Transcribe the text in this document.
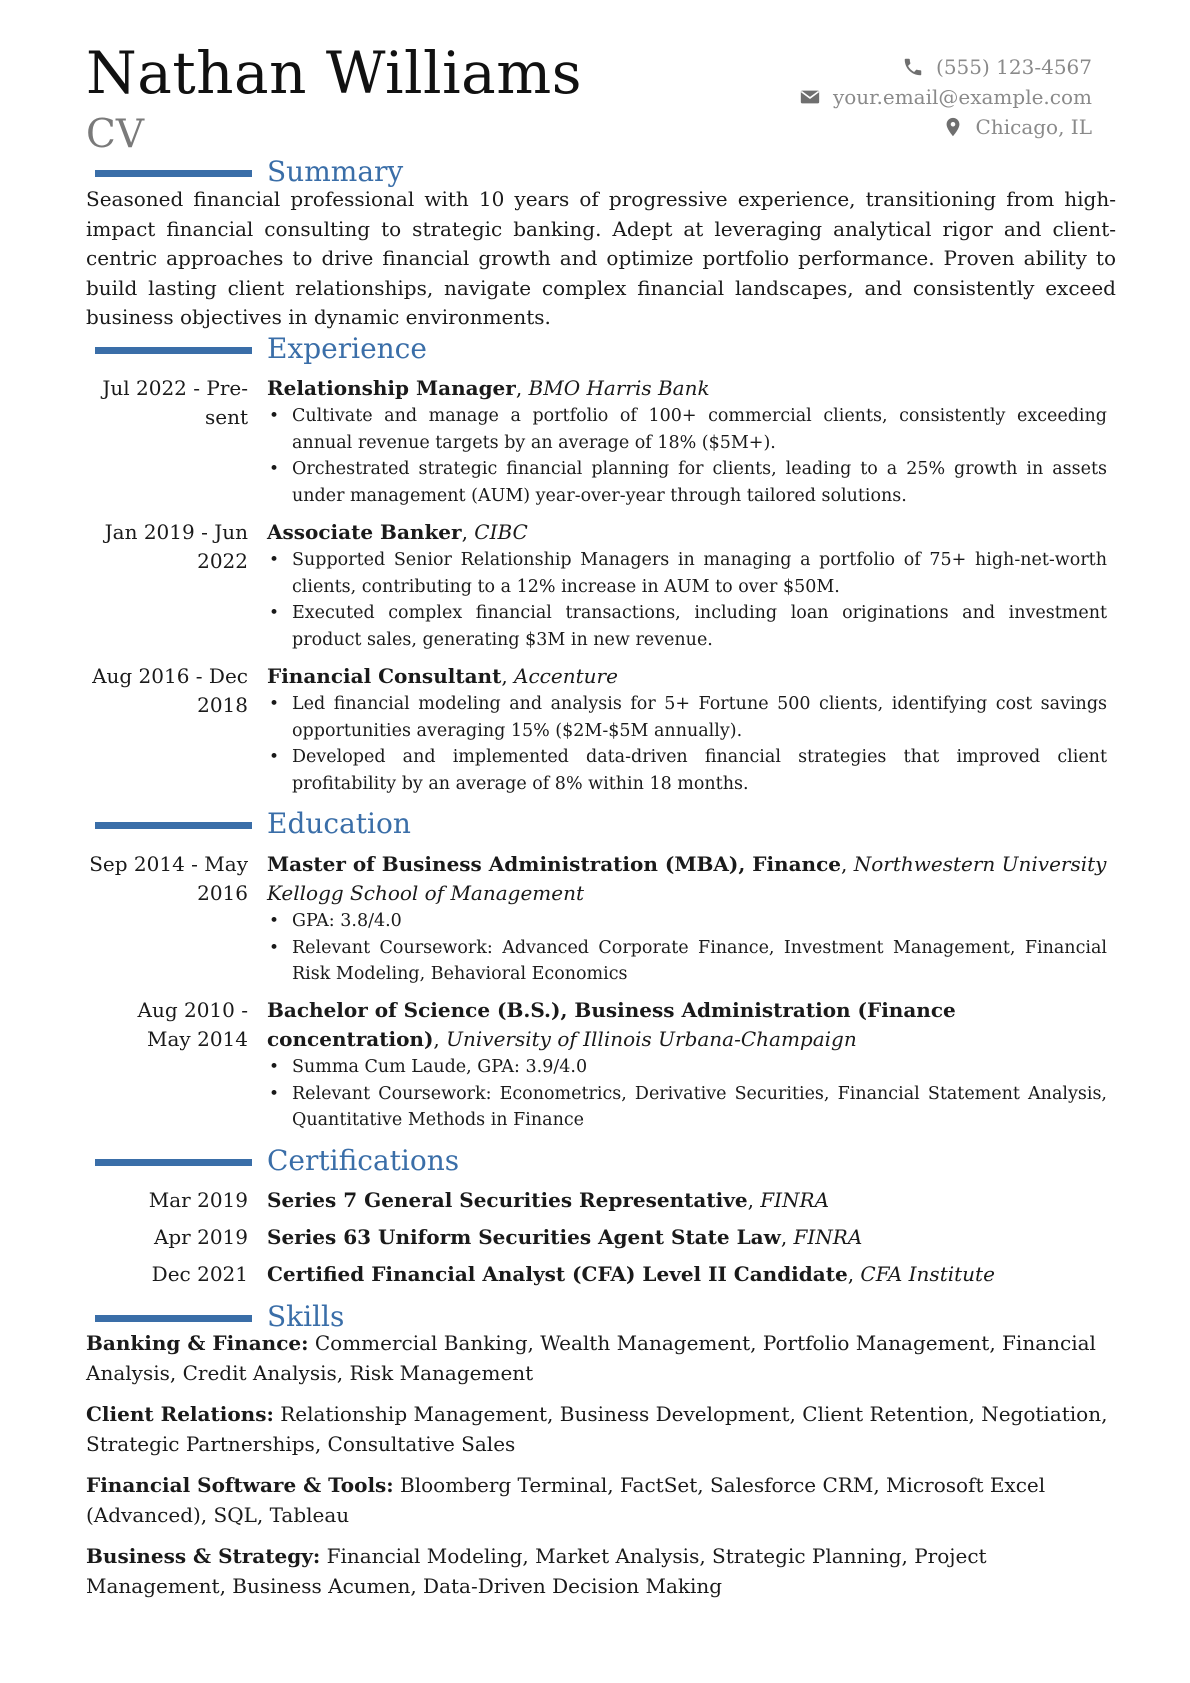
Nathan Williams
CV
(555) 123-4567
your.email@example.com
Chicago, IL
Summary
Seasoned financial professional with 10 years of progressive experience, transitioning from high-impact financial consulting to strategic banking. Adept at leveraging analytical rigor and client-centric approaches to drive financial growth and optimize portfolio performance. Proven ability to build lasting client relationships, navigate complex financial landscapes, and consistently exceed business objectives in dynamic environments.
Experience
Jul 2022 - Pre-
sent
Relationship Manager, BMO Harris Bank
• Cultivate and manage a portfolio of 100+ commercial clients, consistently exceeding annual revenue targets by an average of 18% ($5M+).
• Orchestrated strategic financial planning for clients, leading to a 25% growth in assets under management (AUM) year-over-year through tailored solutions.
Jan 2019 - Jun
2022
Associate Banker, CIBC
• Supported Senior Relationship Managers in managing a portfolio of 75+ high-net-worth clients, contributing to a 12% increase in AUM to over $50M.
• Executed complex financial transactions, including loan originations and investment product sales, generating $3M in new revenue.
Aug 2016 - Dec
2018
Financial Consultant, Accenture
• Led financial modeling and analysis for 5+ Fortune 500 clients, identifying cost savings opportunities averaging 15% ($2M-$5M annually).
• Developed and implemented data-driven financial strategies that improved client profitability by an average of 8% within 18 months.
Education
Sep 2014 - May
2016
Master of Business Administration (MBA), Finance, Northwestern University Kellogg School of Management
• GPA: 3.8/4.0
• Relevant Coursework: Advanced Corporate Finance, Investment Management, Financial Risk Modeling, Behavioral Economics
Aug 2010 -
May 2014
Bachelor of Science (B.S.), Business Administration (Finance concentration), University of Illinois Urbana-Champaign
• Summa Cum Laude, GPA: 3.9/4.0
• Relevant Coursework: Econometrics, Derivative Securities, Financial Statement Analysis, Quantitative Methods in Finance
Certifications
Mar 2019 Series 7 General Securities Representative, FINRA
Apr 2019 Series 63 Uniform Securities Agent State Law, FINRA
Dec 2021 Certified Financial Analyst (CFA) Level II Candidate, CFA Institute
Skills
Banking & Finance: Commercial Banking, Wealth Management, Portfolio Management, Financial Analysis, Credit Analysis, Risk Management
Client Relations: Relationship Management, Business Development, Client Retention, Negotiation, Strategic Partnerships, Consultative Sales
Financial Software & Tools: Bloomberg Terminal, FactSet, Salesforce CRM, Microsoft Excel (Advanced), SQL, Tableau
Business & Strategy: Financial Modeling, Market Analysis, Strategic Planning, Project Management, Business Acumen, Data-Driven Decision Making
